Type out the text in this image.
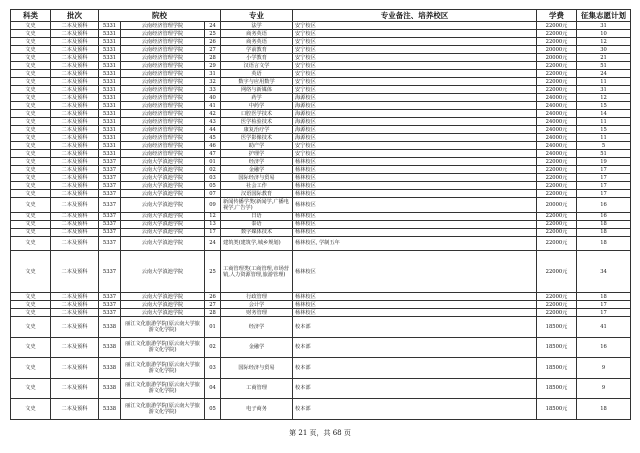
科类	批次	院校			专业	专业备注、培养校区	学费	征集志愿计划
文史	二本及预科	5331	云南经济管理学院	24	法学	安宁校区	22000元	31
文史	二本及预科	5331	云南经济管理学院	25	商务英语	安宁校区	22000元	10
文史	二本及预科	5331	云南经济管理学院	26	商务英语	安宁校区	22000元	12
文史	二本及预科	5331	云南经济管理学院	27	学前教育	安宁校区	20000元	30
文史	二本及预科	5331	云南经济管理学院	28	小学教育	安宁校区	20000元	21
文史	二本及预科	5331	云南经济管理学院	29	汉语言文学	安宁校区	22000元	51
文史	二本及预科	5331	云南经济管理学院	31	英语	安宁校区	22000元	24
文史	二本及预科	5331	云南经济管理学院	32	数字与应用数学	安宁校区	22000元	11
文史	二本及预科	5331	云南经济管理学院	33	网络与新媒体	安宁校区	22000元	31
文史	二本及预科	5331	云南经济管理学院	40	药学	海源校区	24000元	12
文史	二本及预科	5331	云南经济管理学院	41	中药学	海源校区	24000元	15
文史	二本及预科	5331	云南经济管理学院	42	口腔医学技术	海源校区	24000元	14
文史	二本及预科	5331	云南经济管理学院	43	医学检验技术	海源校区	24000元	11
文史	二本及预科	5331	云南经济管理学院	44	康复治疗学	海源校区	24000元	15
文史	二本及预科	5331	云南经济管理学院	45	医学影像技术	海源校区	24000元	11
文史	二本及预科	5331	云南经济管理学院	46	助产学	安宁校区	24000元	5
文史	二本及预科	5331	云南经济管理学院	47	护理学	安宁校区	24000元	51
文史	二本及预科	5337	云南大学滇池学院	01	经济学	杨林校区	22000元	19
文史	二本及预科	5337	云南大学滇池学院	02	金融学	杨林校区	22000元	17
文史	二本及预科	5337	云南大学滇池学院	03	国际经济与贸易	杨林校区	22000元	17
文史	二本及预科	5337	云南大学滇池学院	05	社会工作	杨林校区	22000元	17
文史	二本及预科	5337	云南大学滇池学院	07	汉语国际教育	杨林校区	22000元	17
文史	二本及预科	5337	云南大学滇池学院	09	新闻传播学类(新闻学,广播电视学,广告学)	杨林校区	20000元	16
文史	二本及预科	5337	云南大学滇池学院	12	日语	杨林校区	22000元	16
文史	二本及预科	5337	云南大学滇池学院	13	泰语	杨林校区	22000元	18
文史	二本及预科	5337	云南大学滇池学院	17	数字媒体技术	杨林校区	22000元	18
文史	二本及预科	5337	云南大学滇池学院	24	建筑类(建筑学,城乡规划)	杨林校区, 学制五年	22000元	18
文史	二本及预科	5337	云南大学滇池学院	25	工商管理类(工商管理,市场营销,人力资源管理,旅游管理)	杨林校区	22000元	34
文史	二本及预科	5337	云南大学滇池学院	26	行政管理	杨林校区	22000元	18
文史	二本及预科	5337	云南大学滇池学院	27	会计学	杨林校区	22000元	17
文史	二本及预科	5337	云南大学滇池学院	28	财务管理	杨林校区	22000元	17
文史	二本及预科	5338	丽江文化旅游学院(原云南大学旅游文化学院)	01	经济学	校本部	18500元	41
文史	二本及预科	5338	丽江文化旅游学院(原云南大学旅游文化学院)	02	金融学	校本部	18500元	16
文史	二本及预科	5338	丽江文化旅游学院(原云南大学旅游文化学院)	03	国际经济与贸易	校本部	18500元	9
文史	二本及预科	5338	丽江文化旅游学院(原云南大学旅游文化学院)	04	工商管理	校本部	18500元	9
文史	二本及预科	5338	丽江文化旅游学院(原云南大学旅游文化学院)	05	电子商务	校本部	18500元	18
第 21 页，共 68 页
